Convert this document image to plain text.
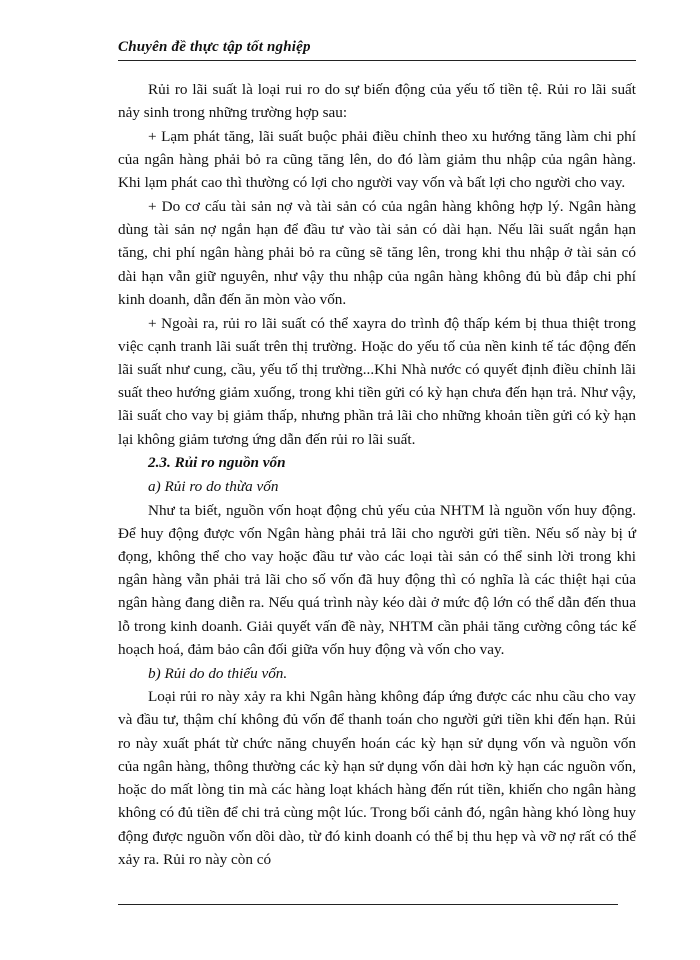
Chuyên đề thực tập tốt nghiệp

Rủi ro lãi suất là loại rui ro do sự biến động của yếu tố tiền tệ. Rủi ro lãi suất nảy sinh trong những trường hợp sau:

+ Lạm phát tăng, lãi suất buộc phải điều chỉnh theo xu hướng tăng làm chi phí của ngân hàng phải bỏ ra cũng tăng lên, do đó làm giảm thu nhập của ngân hàng. Khi lạm phát cao thì thường có lợi cho người vay vốn và bất lợi cho người cho vay.

+ Do cơ cấu tài sản nợ và tài sản có của ngân hàng không hợp lý. Ngân hàng dùng tài sản nợ ngắn hạn để đầu tư vào tài sản có dài hạn. Nếu lãi suất ngắn hạn tăng, chi phí ngân hàng phải bỏ ra cũng sẽ tăng lên, trong khi thu nhập ở tài sản có dài hạn vẫn giữ nguyên, như vậy thu nhập của ngân hàng không đủ bù đắp chi phí kinh doanh, dẫn đến ăn mòn vào vốn.

+ Ngoài ra, rủi ro lãi suất có thể xayra do trình độ thấp kém bị thua thiệt trong việc cạnh tranh lãi suất trên thị trường. Hoặc do yếu tố của nền kinh tế tác động đến lãi suất như cung, cầu, yếu tố thị trường...Khi Nhà nước có quyết định điều chỉnh lãi suất theo hướng giảm xuống, trong khi tiền gửi có kỳ hạn chưa đến hạn trả. Như vậy, lãi suất cho vay bị giảm thấp, nhưng phần trả lãi cho những khoản tiền gửi có kỳ hạn lại không giảm tương ứng dẫn đến rủi ro lãi suất.

2.3. Rủi ro nguồn vốn

a) Rủi ro do thừa vốn

Như ta biết, nguồn vốn hoạt động chủ yếu của NHTM là nguồn vốn huy động. Để huy động được vốn Ngân hàng phải trả lãi cho người gửi tiền. Nếu số này bị ứ đọng, không thể cho vay hoặc đầu tư vào các loại tài sản có thể sinh lời trong khi ngân hàng vẫn phải trả lãi cho số vốn đã huy động thì có nghĩa là các thiệt hại của ngân hàng đang diễn ra. Nếu quá trình này kéo dài ở mức độ lớn có thể dẫn đến thua lỗ trong kinh doanh. Giải quyết vấn đề này, NHTM cần phải tăng cường công tác kế hoạch hoá, đảm bảo cân đối giữa vốn huy động và vốn cho vay.

b) Rủi do do thiếu vốn.

Loại rủi ro này xảy ra khi Ngân hàng không đáp ứng được các nhu cầu cho vay và đầu tư, thậm chí không đủ vốn để thanh toán cho người gửi tiền khi đến hạn. Rủi ro này xuất phát từ chức năng chuyển hoán các kỳ hạn sử dụng vốn và nguồn vốn của ngân hàng, thông thường các kỳ hạn sử dụng vốn dài hơn kỳ hạn các nguồn vốn, hoặc do mất lòng tin mà các hàng loạt khách hàng đến rút tiền, khiến cho ngân hàng không có đủ tiền để chi trả cùng một lúc. Trong bối cảnh đó, ngân hàng khó lòng huy động được nguồn vốn dồi dào, từ đó kinh doanh có thể bị thu hẹp và vỡ nợ rất có thể xảy ra. Rủi ro này còn có
